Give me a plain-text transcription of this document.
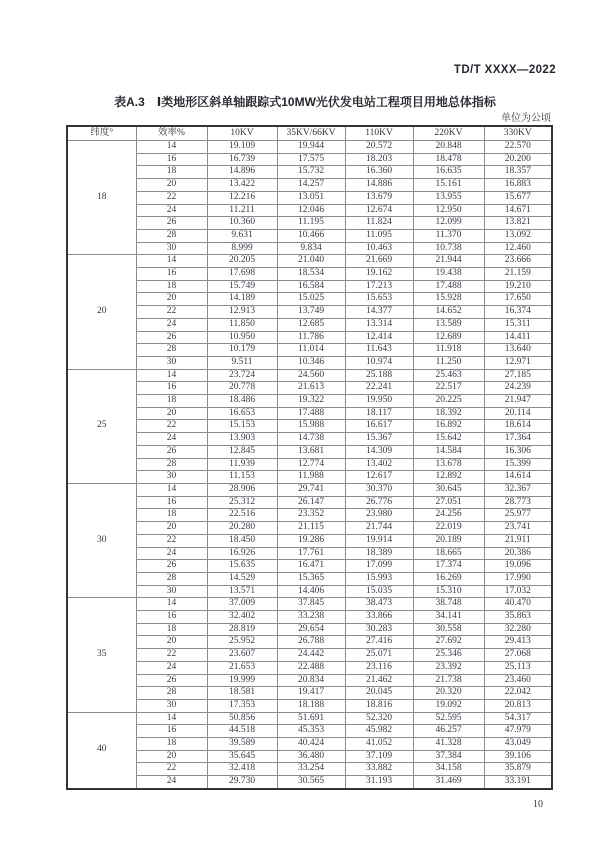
TD/T XXXX—2022
表A.3　Ⅰ类地形区斜单轴跟踪式10MW光伏发电站工程项目用地总体指标
单位为公顷
纬度°	效率%	10KV	35KV/66KV	110KV	220KV	330KV
18	14	19.109	19.944	20.572	20.848	22.570
	16	16.739	17.575	18.203	18.478	20.200
	18	14.896	15.732	16.360	16.635	18.357
	20	13.422	14.257	14.886	15.161	16.883
	22	12.216	13.051	13.679	13.955	15.677
	24	11.211	12.046	12.674	12.950	14.671
	26	10.360	11.195	11.824	12.099	13.821
	28	9.631	10.466	11.095	11.370	13.092
	30	8.999	9.834	10.463	10.738	12.460
20	14	20.205	21.040	21.669	21.944	23.666
	16	17.698	18.534	19.162	19.438	21.159
	18	15.749	16.584	17.213	17.488	19.210
	20	14.189	15.025	15.653	15.928	17.650
	22	12.913	13.749	14.377	14.652	16.374
	24	11.850	12.685	13.314	13.589	15.311
	26	10.950	11.786	12.414	12.689	14.411
	28	10.179	11.014	11.643	11.918	13.640
	30	9.511	10.346	10.974	11.250	12.971
25	14	23.724	24.560	25.188	25.463	27.185
	16	20.778	21.613	22.241	22.517	24.239
	18	18.486	19.322	19.950	20.225	21.947
	20	16.653	17.488	18.117	18.392	20.114
	22	15.153	15.988	16.617	16.892	18.614
	24	13.903	14.738	15.367	15.642	17.364
	26	12.845	13.681	14.309	14.584	16.306
	28	11.939	12.774	13.402	13.678	15.399
	30	11.153	11.988	12.617	12.892	14.614
30	14	28.906	29.741	30.370	30.645	32.367
	16	25.312	26.147	26.776	27.051	28.773
	18	22.516	23.352	23.980	24.256	25.977
	20	20.280	21.115	21.744	22.019	23.741
	22	18.450	19.286	19.914	20.189	21.911
	24	16.926	17.761	18.389	18.665	20.386
	26	15.635	16.471	17.099	17.374	19.096
	28	14.529	15.365	15.993	16.269	17.990
	30	13.571	14.406	15.035	15.310	17.032
35	14	37.009	37.845	38.473	38.748	40.470
	16	32.402	33.238	33.866	34.141	35.863
	18	28.819	29.654	30.283	30.558	32.280
	20	25.952	26.788	27.416	27.692	29.413
	22	23.607	24.442	25.071	25.346	27.068
	24	21.653	22.488	23.116	23.392	25.113
	26	19.999	20.834	21.462	21.738	23.460
	28	18.581	19.417	20.045	20.320	22.042
	30	17.353	18.188	18.816	19.092	20.813
40	14	50.856	51.691	52.320	52.595	54.317
	16	44.518	45.353	45.982	46.257	47.979
	18	39.589	40.424	41.052	41.328	43.049
	20	35.645	36.480	37.109	37.384	39.106
	22	32.418	33.254	33.882	34.158	35.879
	24	29.730	30.565	31.193	31.469	33.191
10
